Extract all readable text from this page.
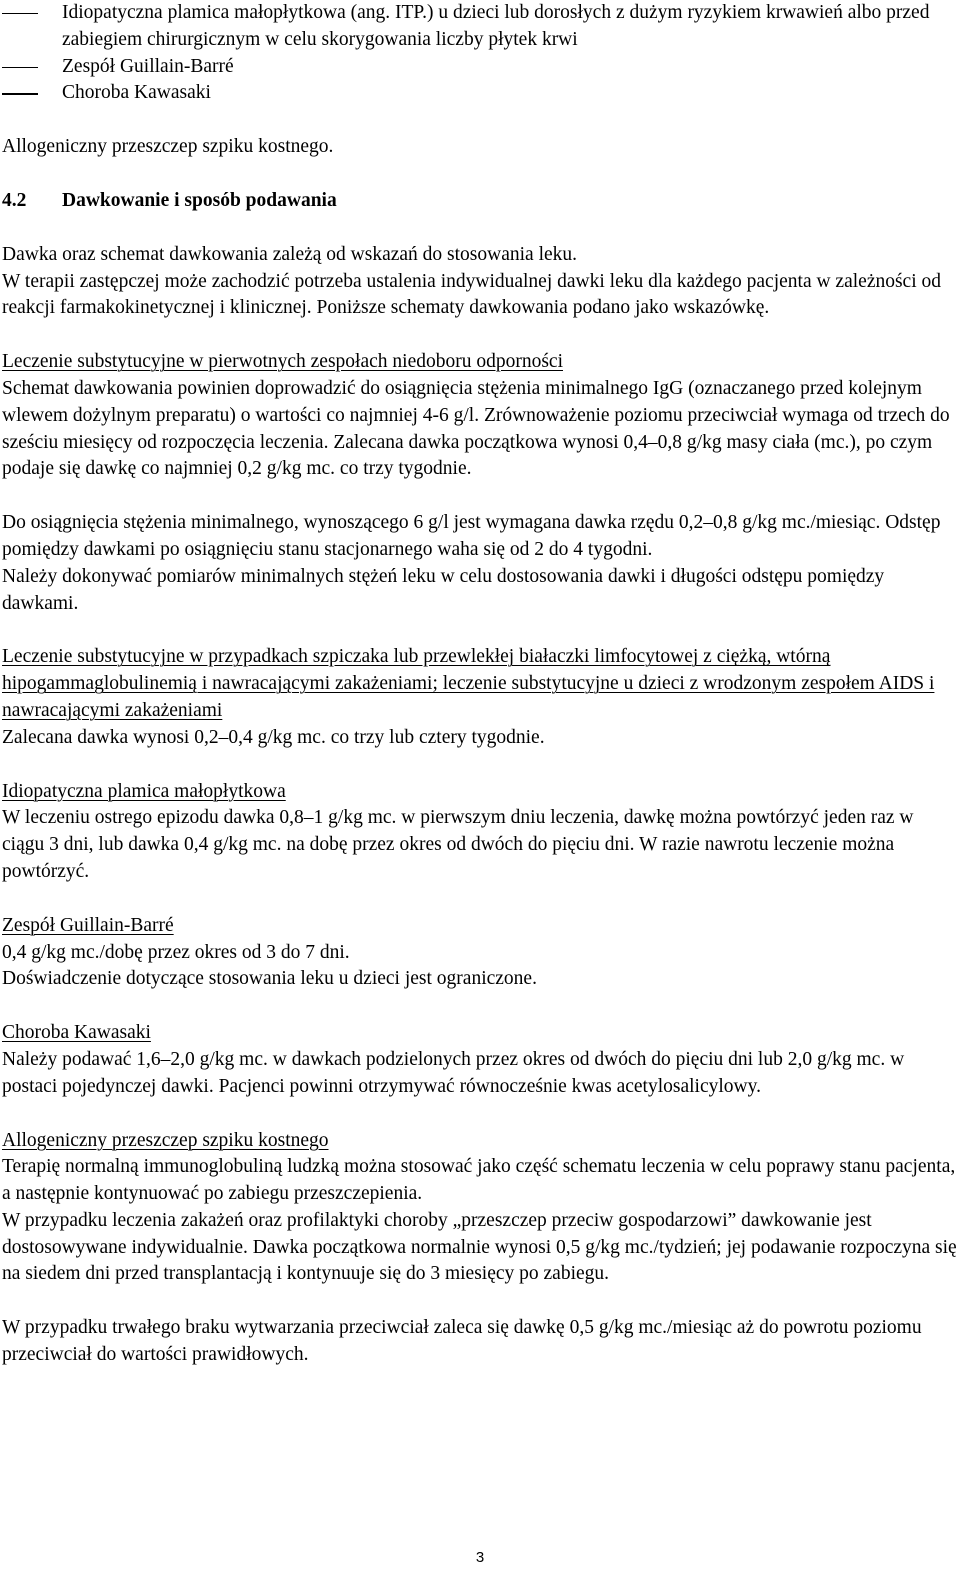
Idiopatyczna plamica małopłytkowa (ang. ITP.) u dzieci lub dorosłych z dużym ryzykiem krwawień albo przed zabiegiem chirurgicznym w celu skorygowania liczby płytek krwi
Zespół Guillain-Barré
Choroba Kawasaki

Allogeniczny przeszczep szpiku kostnego.

4.2 Dawkowanie i sposób podawania

Dawka oraz schemat dawkowania zależą od wskazań do stosowania leku.

W terapii zastępczej może zachodzić potrzeba ustalenia indywidualnej dawki leku dla każdego pacjenta w zależności od reakcji farmakokinetycznej i klinicznej. Poniższe schematy dawkowania podano jako wskazówkę.

Leczenie substytucyjne w pierwotnych zespołach niedoboru odporności

Schemat dawkowania powinien doprowadzić do osiągnięcia stężenia minimalnego IgG (oznaczanego przed kolejnym wlewem dożylnym preparatu) o wartości co najmniej 4-6 g/l. Zrównoważenie poziomu przeciwciał wymaga od trzech do sześciu miesięcy od rozpoczęcia leczenia. Zalecana dawka początkowa wynosi 0,4–0,8 g/kg masy ciała (mc.), po czym podaje się dawkę co najmniej 0,2 g/kg mc. co trzy tygodnie.

Do osiągnięcia stężenia minimalnego, wynoszącego 6 g/l jest wymagana dawka rzędu 0,2–0,8 g/kg mc./miesiąc. Odstęp pomiędzy dawkami po osiągnięciu stanu stacjonarnego waha się od 2 do 4 tygodni.

Należy dokonywać pomiarów minimalnych stężeń leku w celu dostosowania dawki i długości odstępu pomiędzy dawkami.

Leczenie substytucyjne w przypadkach szpiczaka lub przewlekłej białaczki limfocytowej z ciężką, wtórną hipogammaglobulinemią i nawracającymi zakażeniami; leczenie substytucyjne u dzieci z wrodzonym zespołem AIDS i nawracającymi zakażeniami

Zalecana dawka wynosi 0,2–0,4 g/kg mc. co trzy lub cztery tygodnie.

Idiopatyczna plamica małopłytkowa

W leczeniu ostrego epizodu dawka 0,8–1 g/kg mc. w pierwszym dniu leczenia, dawkę można powtórzyć jeden raz w ciągu 3 dni, lub dawka 0,4 g/kg mc. na dobę przez okres od dwóch do pięciu dni. W razie nawrotu leczenie można powtórzyć.

Zespół Guillain-Barré

0,4 g/kg mc./dobę przez okres od 3 do 7 dni.

Doświadczenie dotyczące stosowania leku u dzieci jest ograniczone.

Choroba Kawasaki

Należy podawać 1,6–2,0 g/kg mc. w dawkach podzielonych przez okres od dwóch do pięciu dni lub 2,0 g/kg mc. w postaci pojedynczej dawki. Pacjenci powinni otrzymywać równocześnie kwas acetylosalicylowy.

Allogeniczny przeszczep szpiku kostnego

Terapię normalną immunoglobuliną ludzką można stosować jako część schematu leczenia w celu poprawy stanu pacjenta, a następnie kontynuować po zabiegu przeszczepienia.

W przypadku leczenia zakażeń oraz profilaktyki choroby „przeszczep przeciw gospodarzowi” dawkowanie jest dostosowywane indywidualnie. Dawka początkowa normalnie wynosi 0,5 g/kg mc./tydzień; jej podawanie rozpoczyna się na siedem dni przed transplantacją i kontynuuje się do 3 miesięcy po zabiegu.

W przypadku trwałego braku wytwarzania przeciwciał zaleca się dawkę 0,5 g/kg mc./miesiąc aż do powrotu poziomu przeciwciał do wartości prawidłowych.

3
